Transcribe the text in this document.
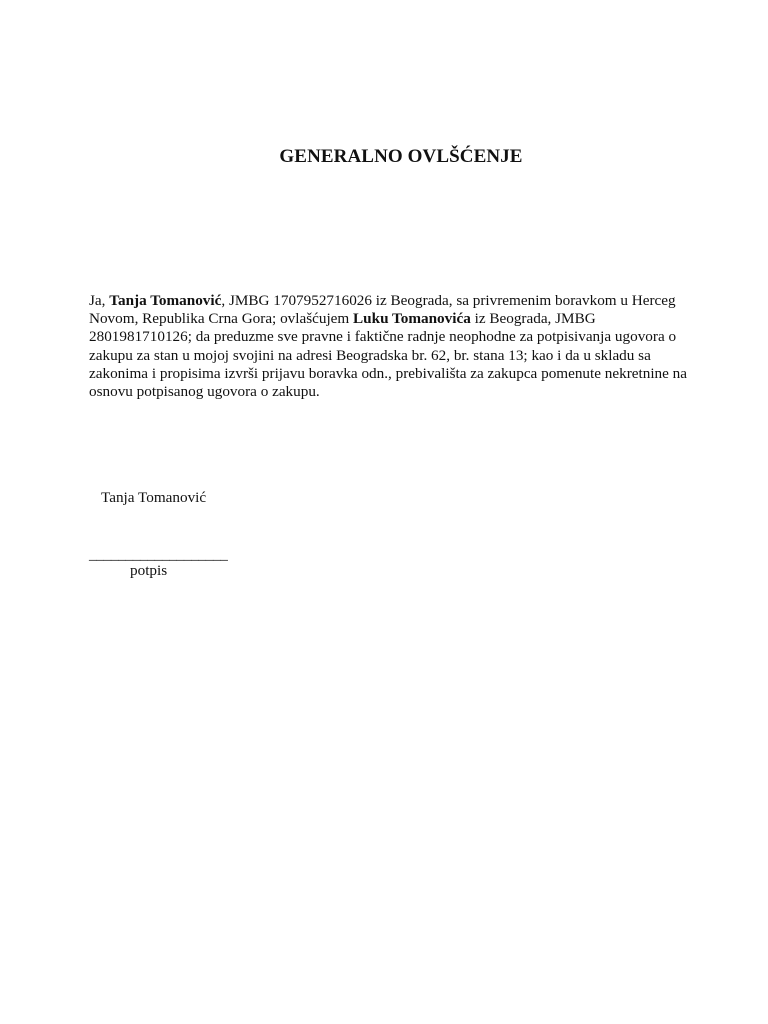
GENERALNO OVLŠĆENJE

Ja, Tanja Tomanović, JMBG 1707952716026 iz Beograda, sa privremenim boravkom u Herceg Novom, Republika Crna Gora; ovlašćujem Luku Tomanovića iz Beograda, JMBG 2801981710126; da preduzme sve pravne i faktične radnje neophodne za potpisivanja ugovora o zakupu za stan u mojoj svojini na adresi Beogradska br. 62, br. stana 13; kao i da u skladu sa zakonima i propisima izvrši prijavu boravka odn., prebivališta za zakupca pomenute nekretnine na osnovu potpisanog ugovora o zakupu.

Tanja Tomanović

___________________

potpis
